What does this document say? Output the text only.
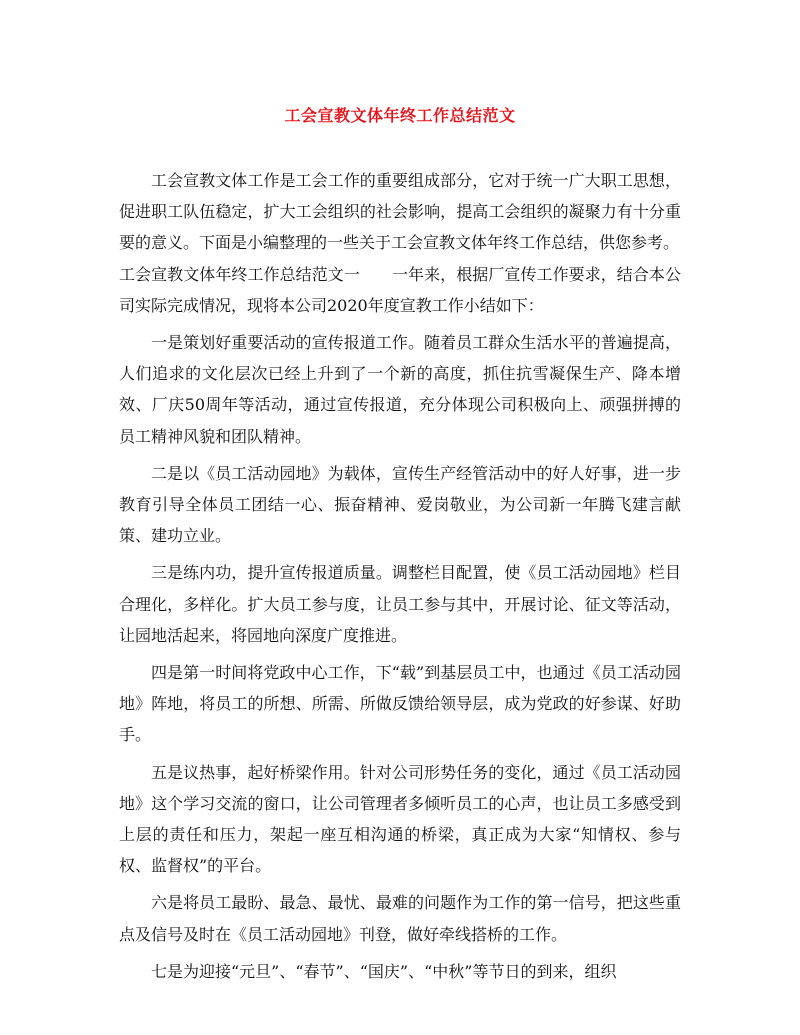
工会宣教文体年终工作总结范文

工会宣教文体工作是工会工作的重要组成部分，它对于统一广大职工思想，促进职工队伍稳定，扩大工会组织的社会影响，提高工会组织的凝聚力有十分重要的意义。下面是小编整理的一些关于工会宣教文体年终工作总结，供您参考。

工会宣教文体年终工作总结范文一　　一年来，根据厂宣传工作要求，结合本公司实际完成情况，现将本公司2020年度宣教工作小结如下：

一是策划好重要活动的宣传报道工作。随着员工群众生活水平的普遍提高，人们追求的文化层次已经上升到了一个新的高度，抓住抗雪凝保生产、降本增效、厂庆50周年等活动，通过宣传报道，充分体现公司积极向上、顽强拼搏的员工精神风貌和团队精神。

二是以《员工活动园地》为载体，宣传生产经管活动中的好人好事，进一步教育引导全体员工团结一心、振奋精神、爱岗敬业，为公司新一年腾飞建言献策、建功立业。

三是练内功，提升宣传报道质量。调整栏目配置，使《员工活动园地》栏目合理化，多样化。扩大员工参与度，让员工参与其中，开展讨论、征文等活动，让园地活起来，将园地向深度广度推进。

四是第一时间将党政中心工作，下“载”到基层员工中，也通过《员工活动园地》阵地，将员工的所想、所需、所做反馈给领导层，成为党政的好参谋、好助手。

五是议热事，起好桥梁作用。针对公司形势任务的变化，通过《员工活动园地》这个学习交流的窗口，让公司管理者多倾听员工的心声，也让员工多感受到上层的责任和压力，架起一座互相沟通的桥梁，真正成为大家“知情权、参与权、监督权”的平台。

六是将员工最盼、最急、最忧、最难的问题作为工作的第一信号，把这些重点及信号及时在《员工活动园地》刊登，做好牵线搭桥的工作。

七是为迎接“元旦”、“春节”、“国庆”、“中秋”等节日的到来，组织
